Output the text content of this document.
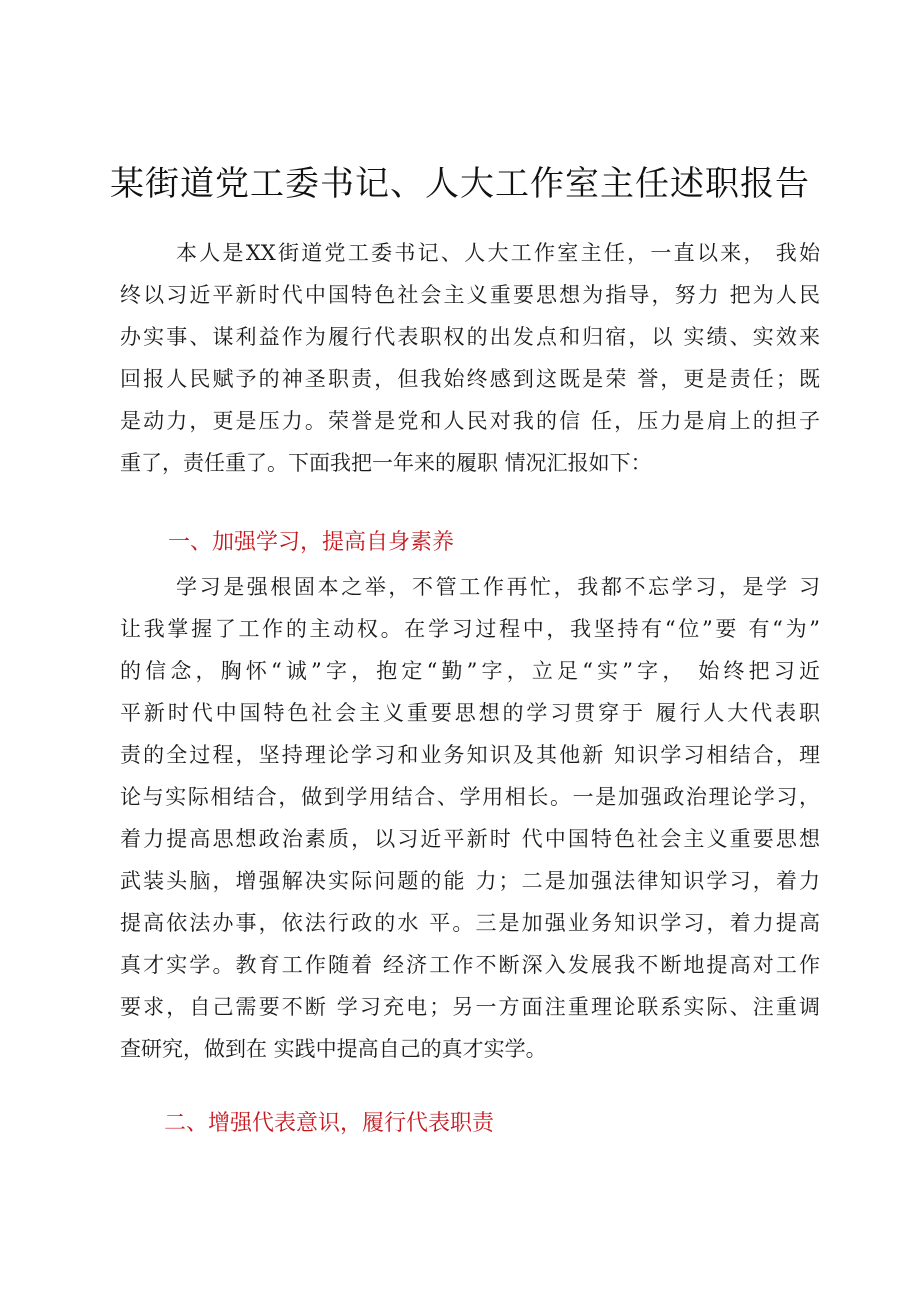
某街道党工委书记、人大工作室主任述职报告
本人是XX街道党工委书记、人大工作室主任，一直以来， 我始
终以习近平新时代中国特色社会主义重要思想为指导，努力 把为人民
办实事、谋利益作为履行代表职权的出发点和归宿，以 实绩、实效来
回报人民赋予的神圣职责，但我始终感到这既是荣 誉，更是责任；既
是动力，更是压力。荣誉是党和人民对我的信 任，压力是肩上的担子
重了，责任重了。下面我把一年来的履职 情况汇报如下：
一、加强学习，提高自身素养
学习是强根固本之举，不管工作再忙，我都不忘学习，是学 习
让我掌握了工作的主动权。在学习过程中，我坚持有“位”要 有“为”
的信念，胸怀“诚”字，抱定“勤”字，立足“实”字， 始终把习近
平新时代中国特色社会主义重要思想的学习贯穿于 履行人大代表职
责的全过程，坚持理论学习和业务知识及其他新 知识学习相结合，理
论与实际相结合，做到学用结合、学用相长。一是加强政治理论学习，
着力提高思想政治素质，以习近平新时 代中国特色社会主义重要思想
武装头脑，增强解决实际问题的能 力；二是加强法律知识学习，着力
提高依法办事，依法行政的水 平。三是加强业务知识学习，着力提高
真才实学。教育工作随着 经济工作不断深入发展我不断地提高对工作
要求，自己需要不断 学习充电；另一方面注重理论联系实际、注重调
查研究，做到在 实践中提高自己的真才实学。
二、增强代表意识，履行代表职责
